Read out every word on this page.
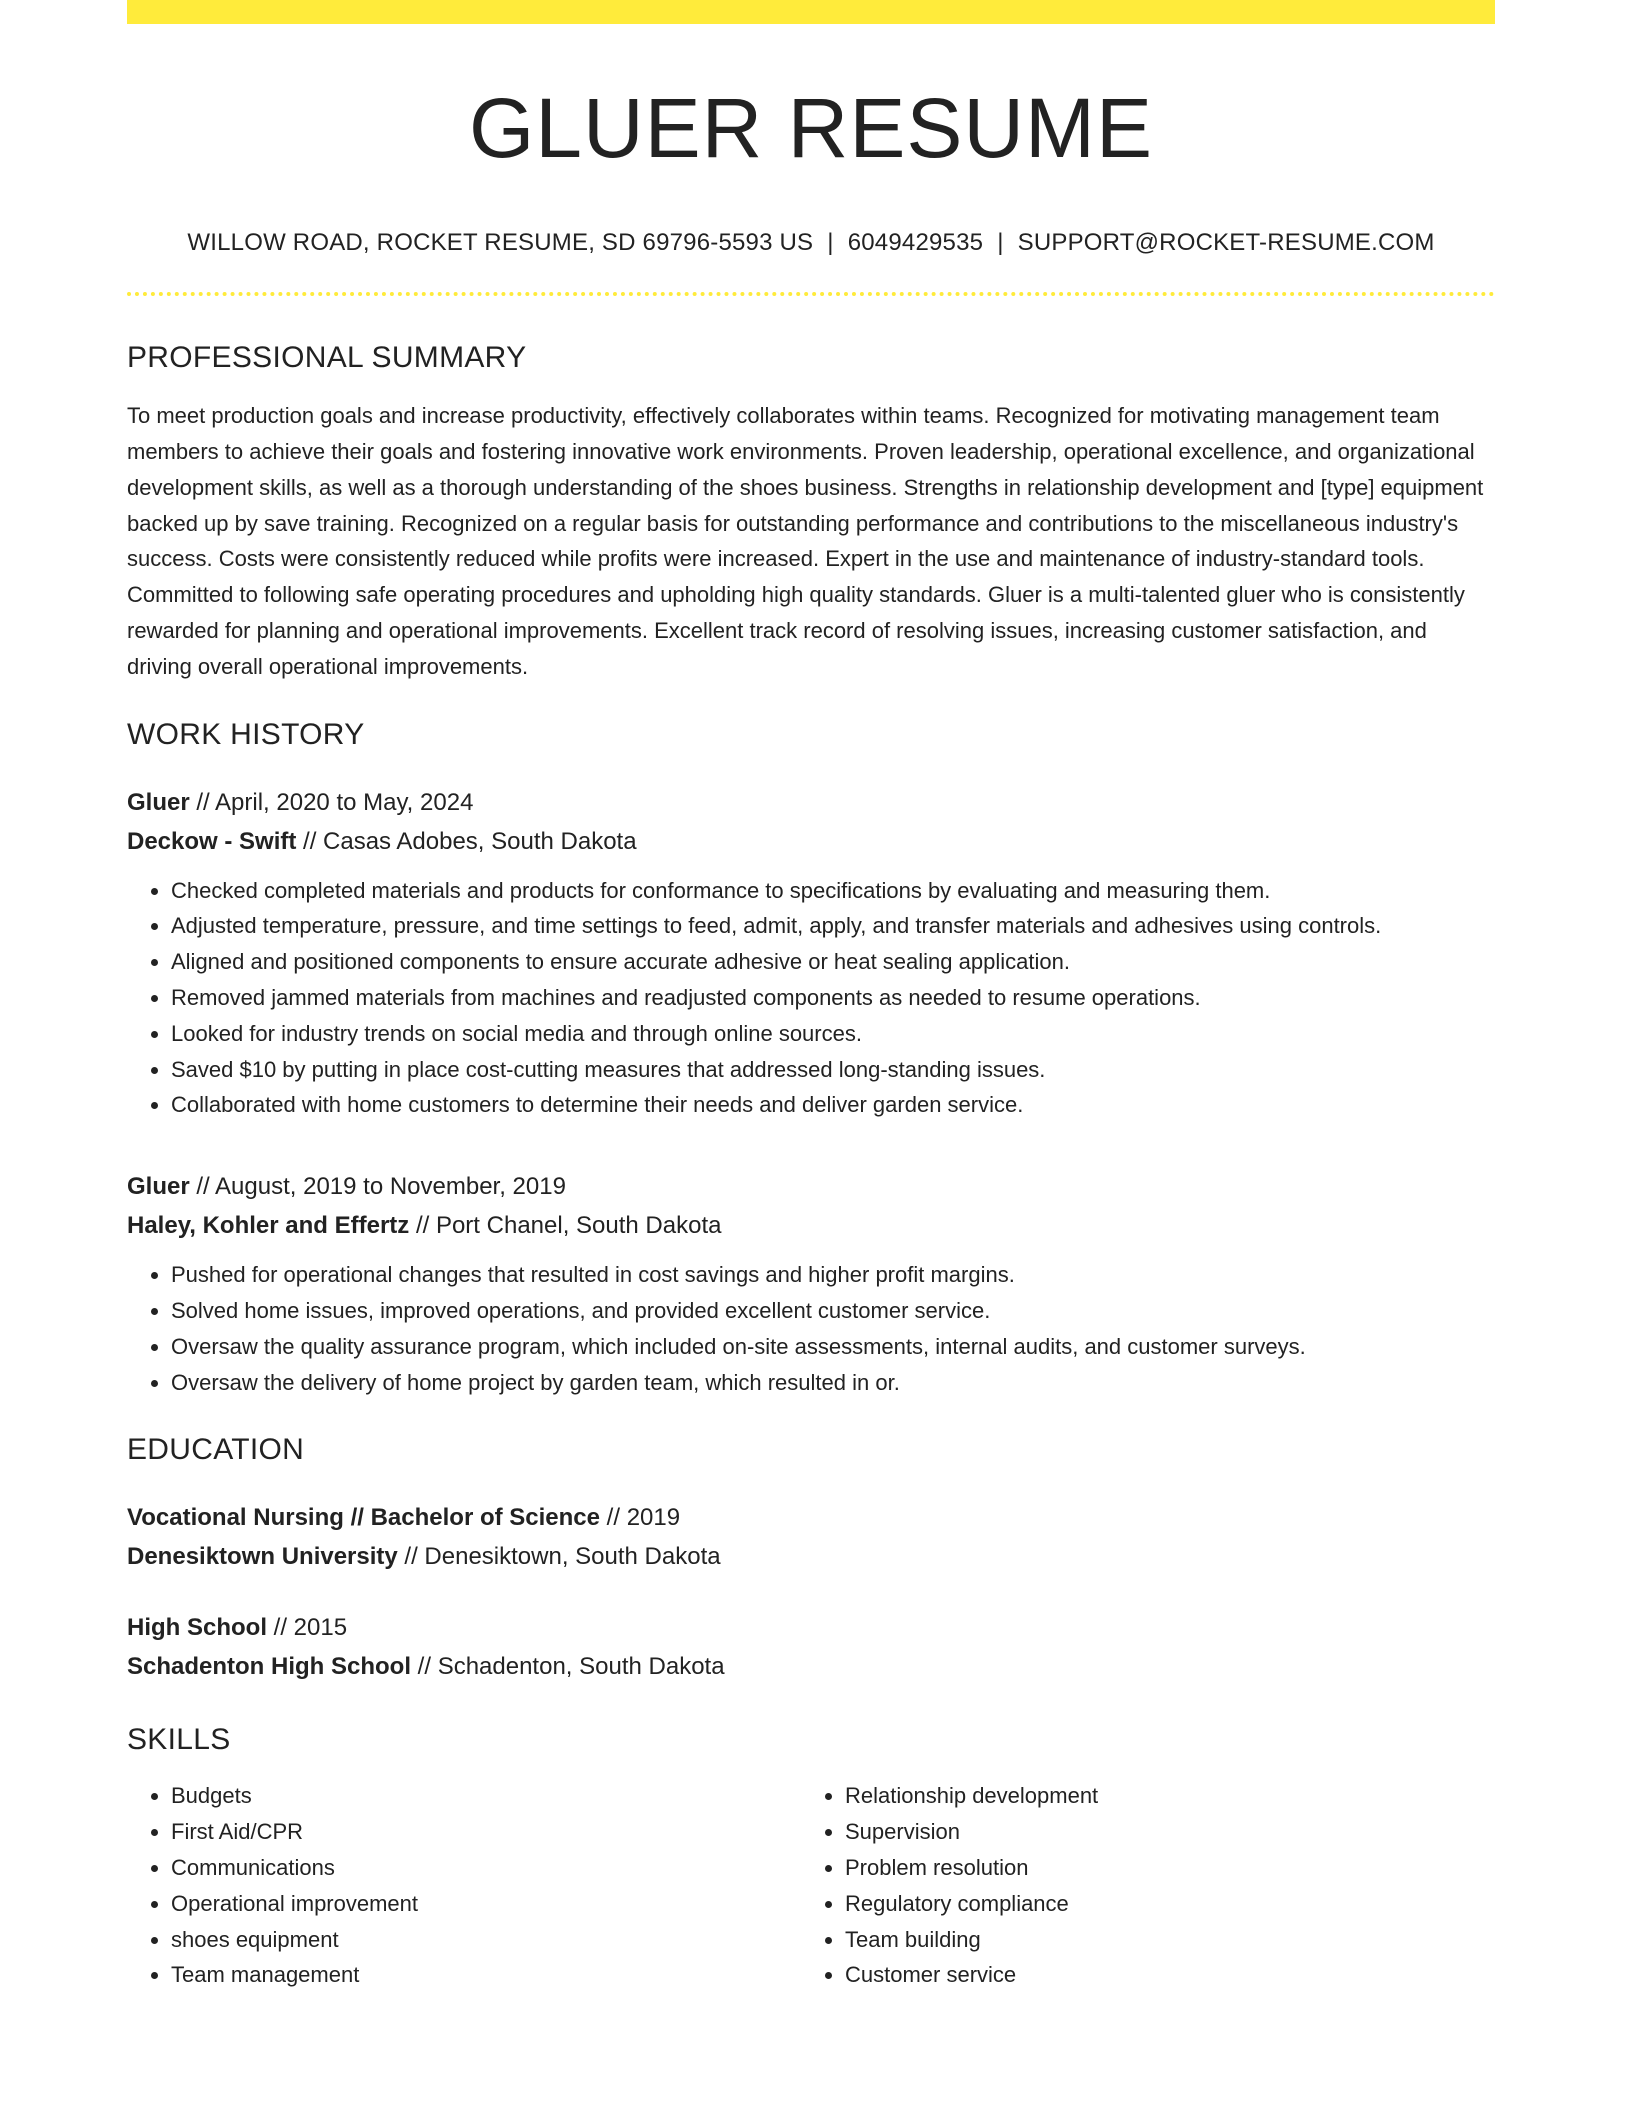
GLUER RESUME
WILLOW ROAD, ROCKET RESUME, SD 69796-5593 US | 6049429535 | SUPPORT@ROCKET-RESUME.COM
PROFESSIONAL SUMMARY

To meet production goals and increase productivity, effectively collaborates within teams. Recognized for motivating management team members to achieve their goals and fostering innovative work environments. Proven leadership, operational excellence, and organizational development skills, as well as a thorough understanding of the shoes business. Strengths in relationship development and [type] equipment backed up by save training. Recognized on a regular basis for outstanding performance and contributions to the miscellaneous industry's success. Costs were consistently reduced while profits were increased. Expert in the use and maintenance of industry-standard tools. Committed to following safe operating procedures and upholding high quality standards. Gluer is a multi-talented gluer who is consistently rewarded for planning and operational improvements. Excellent track record of resolving issues, increasing customer satisfaction, and driving overall operational improvements.

WORK HISTORY
Gluer // April, 2020 to May, 2024
Deckow - Swift // Casas Adobes, South Dakota
• Checked completed materials and products for conformance to specifications by evaluating and measuring them.
• Adjusted temperature, pressure, and time settings to feed, admit, apply, and transfer materials and adhesives using controls.
• Aligned and positioned components to ensure accurate adhesive or heat sealing application.
• Removed jammed materials from machines and readjusted components as needed to resume operations.
• Looked for industry trends on social media and through online sources.
• Saved $10 by putting in place cost-cutting measures that addressed long-standing issues.
• Collaborated with home customers to determine their needs and deliver garden service.
Gluer // August, 2019 to November, 2019
Haley, Kohler and Effertz // Port Chanel, South Dakota
• Pushed for operational changes that resulted in cost savings and higher profit margins.
• Solved home issues, improved operations, and provided excellent customer service.
• Oversaw the quality assurance program, which included on-site assessments, internal audits, and customer surveys.
• Oversaw the delivery of home project by garden team, which resulted in or.
EDUCATION
Vocational Nursing // Bachelor of Science // 2019
Denesiktown University // Denesiktown, South Dakota
High School // 2015
Schadenton High School // Schadenton, South Dakota
SKILLS
• Budgets
• First Aid/CPR
• Communications
• Operational improvement
• shoes equipment
• Team management
• Relationship development
• Supervision
• Problem resolution
• Regulatory compliance
• Team building
• Customer service
